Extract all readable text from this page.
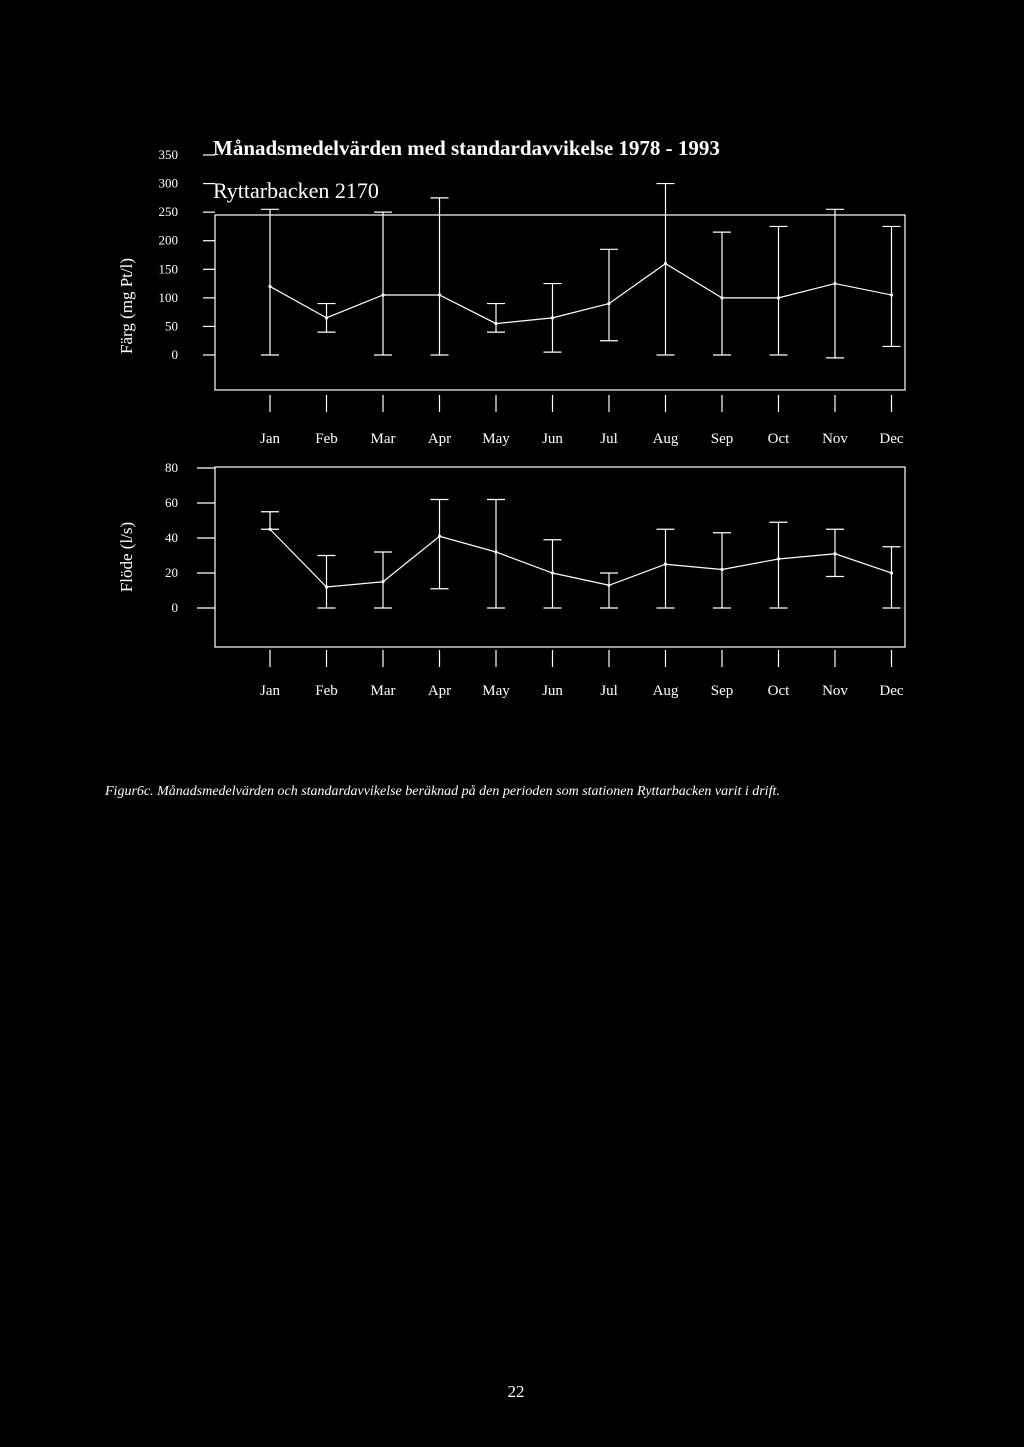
Månadsmedelvärden med standardavvikelse 1978 - 1993
Ryttarbacken 2170
Färg (mg Pt/l)
0
50
100
150
200
250
300
350
Jan Feb Mar Apr May Jun Jul Aug Sep Oct Nov Dec
Flöde (l/s)
0
20
40
60
80
Jan Feb Mar Apr May Jun Jul Aug Sep Oct Nov Dec
Figur6c. Månadsmedelvärden och standardavvikelse beräknad på den perioden som stationen Ryttarbacken varit i drift.
22
